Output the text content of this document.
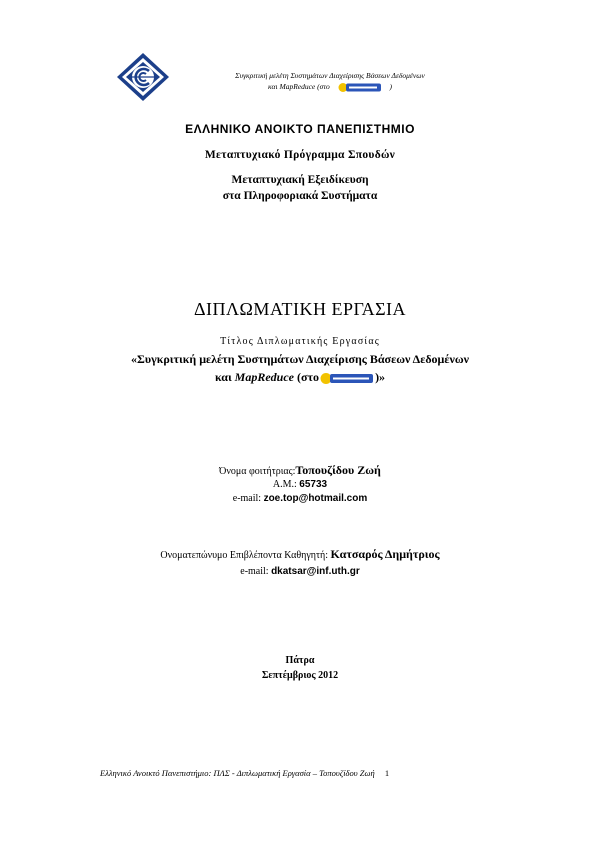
Συγκριτική μελέτη Συστημάτων Διαχείρισης Βάσεων Δεδομένων
και MapReduce (στο	)
ΕΛΛΗΝΙΚΟ ΑΝΟΙΚΤΟ ΠΑΝΕΠΙΣΤΗΜΙΟ
Μεταπτυχιακό Πρόγραμμα Σπουδών
Μεταπτυχιακή Εξειδίκευση
στα Πληροφοριακά Συστήματα
ΔΙΠΛΩΜΑΤΙΚΗ ΕΡΓΑΣΙΑ
Τίτλος Διπλωματικής Εργασίας
«Συγκριτική μελέτη Συστημάτων Διαχείρισης Βάσεων Δεδομένων
και MapReduce (στο	)»
Όνομα φοιτήτριας:Τοπουζίδου Ζωή
Α.Μ.: 65733
e-mail: zoe.top@hotmail.com
Ονοματεπώνυμο Επιβλέποντα Καθηγητή: Κατσαρός Δημήτριος
e-mail: dkatsar@inf.uth.gr
Πάτρα
Σεπτέμβριος 2012
Ελληνικό Ανοικτό Πανεπιστήμιο: ΠΛΣ - Διπλωματική Εργασία – Τοπουζίδου Ζωή 1
